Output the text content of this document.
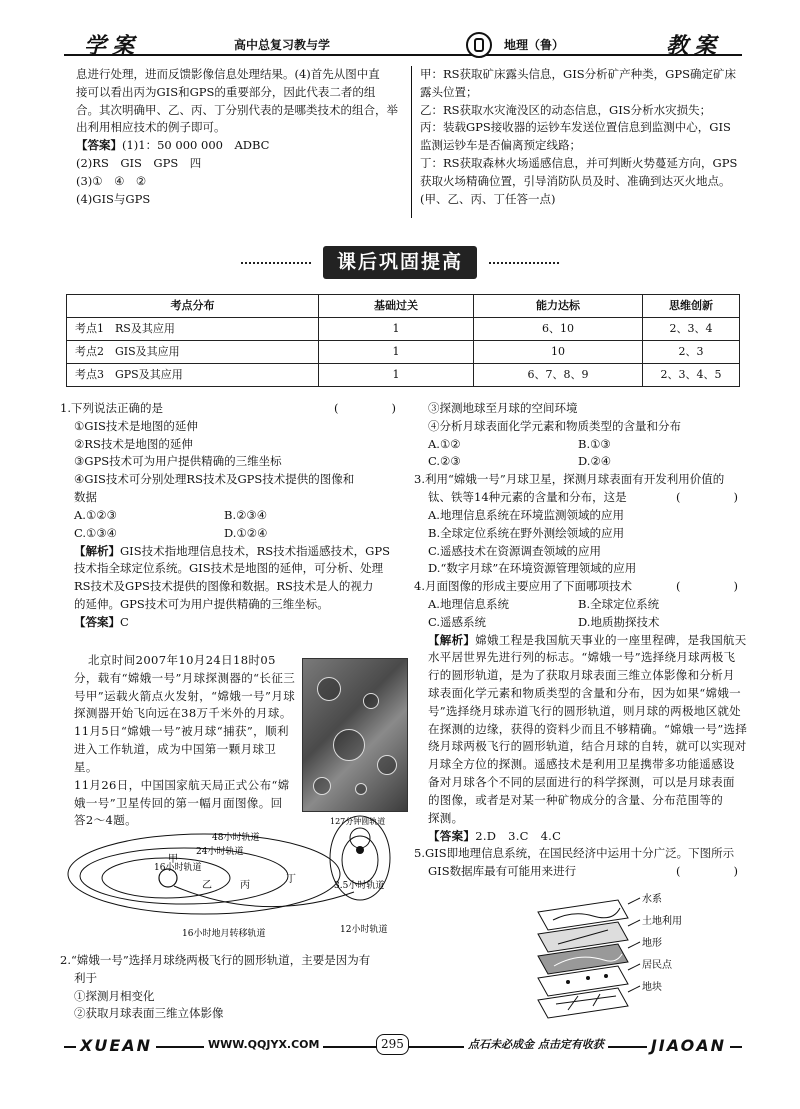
学案	高中总复习教与学	地理（鲁）	教案

息进行处理，进而反馈影像信息处理结果。(4)首先从图中直

接可以看出丙为GIS和GPS的重要部分，因此代表二者的组

合。其次明确甲、乙、丙、丁分别代表的是哪类技术的组合，举

出利用相应技术的例子即可。

【答案】(1)1：50 000 000　ADBC

(2)RS　GIS　GPS　四

(3)①　④　②

(4)GIS与GPS

甲：RS获取矿床露头信息，GIS分析矿产种类，GPS确定矿床

露头位置；

乙：RS获取水灾淹没区的动态信息，GIS分析水灾损失；

丙：装载GPS接收器的运钞车发送位置信息到监测中心，GIS

监测运钞车是否偏离预定线路；

丁：RS获取森林火场遥感信息，并可判断火势蔓延方向，GPS

获取火场精确位置，引导消防队员及时、准确到达灭火地点。

(甲、乙、丙、丁任答一点)

课后巩固提高
考点分布	基础过关	能力达标	思维创新
考点1　RS及其应用	1	6、10	2、3、4
考点2　GIS及其应用	1	10	2、3
考点3　GPS及其应用	1	6、7、8、9	2、3、4、5

1.下列说法正确的是	(　　)

①GIS技术是地图的延伸

②RS技术是地图的延伸

③GPS技术可为用户提供精确的三维坐标

④GIS技术可分别处理RS技术及GPS技术提供的图像和

数据

A.①②③	B.②③④
C.①③④	D.①②④

【解析】GIS技术指地理信息技术，RS技术指遥感技术，GPS

技术指全球定位系统。GIS技术是地图的延伸，可分析、处理

RS技术及GPS技术提供的图像和数据。RS技术是人的视力

的延伸。GPS技术可为用户提供精确的三维坐标。

【答案】C

北京时间2007年10月24日18时05

分，载有“嫦娥一号”月球探测器的“长征三

号甲”运载火箭点火发射，“嫦娥一号”月球

探测器开始飞向远在38万千米外的月球。

11月5日“嫦娥一号”被月球“捕获”，顺利

进入工作轨道，成为中国第一颗月球卫星。

11月26日，中国国家航天局正式公布“嫦

娥一号”卫星传回的第一幅月面图像。回

答2～4题。

48小时轨道
24小时轨道
16小时轨道
甲
乙	丙
丁
16小时地月转移轨道	12小时轨道
3.5小时轨道
127分钟圆轨道

2.“嫦娥一号”选择月球绕两极飞行的圆形轨道，主要是因为有

利于

①探测月相变化

②获取月球表面三维立体影像

③探测地球至月球的空间环境

④分析月球表面化学元素和物质类型的含量和分布

A.①②	B.①③
C.②③	D.②④

3.利用“嫦娥一号”月球卫星，探测月球表面有开发利用价值的

钛、铁等14种元素的含量和分布，这是	(　　)

A.地理信息系统在环境监测领域的应用

B.全球定位系统在野外测绘领域的应用

C.遥感技术在资源调查领域的应用

D.“数字月球”在环境资源管理领域的应用

4.月面图像的形成主要应用了下面哪项技术	(　　)

A.地理信息系统	B.全球定位系统
C.遥感系统	D.地质勘探技术

【解析】嫦娥工程是我国航天事业的一座里程碑，是我国航天

水平居世界先进行列的标志。“嫦娥一号”选择绕月球两极飞

行的圆形轨道，是为了获取月球表面三维立体影像和分析月

球表面化学元素和物质类型的含量和分布，因为如果“嫦娥一

号”选择绕月球赤道飞行的圆形轨道，则月球的两极地区就处

在探测的边缘，获得的资料少而且不够精确。“嫦娥一号”选择

绕月球两极飞行的圆形轨道，结合月球的自转，就可以实现对

月球全方位的探测。遥感技术是利用卫星携带多功能遥感设

备对月球各个不同的层面进行的科学探测，可以是月球表面

的图像，或者是对某一种矿物成分的含量、分布范围等的

探测。

【答案】2.D　3.C　4.C

5.GIS即地理信息系统，在国民经济中运用十分广泛。下图所示

GIS数据库最有可能用来进行	(　　)

水系
土地利用
地形
居民点
地块
XUEAN	WWW.QQJYX.COM	295	点石未必成金 点击定有收获	JIAOAN
